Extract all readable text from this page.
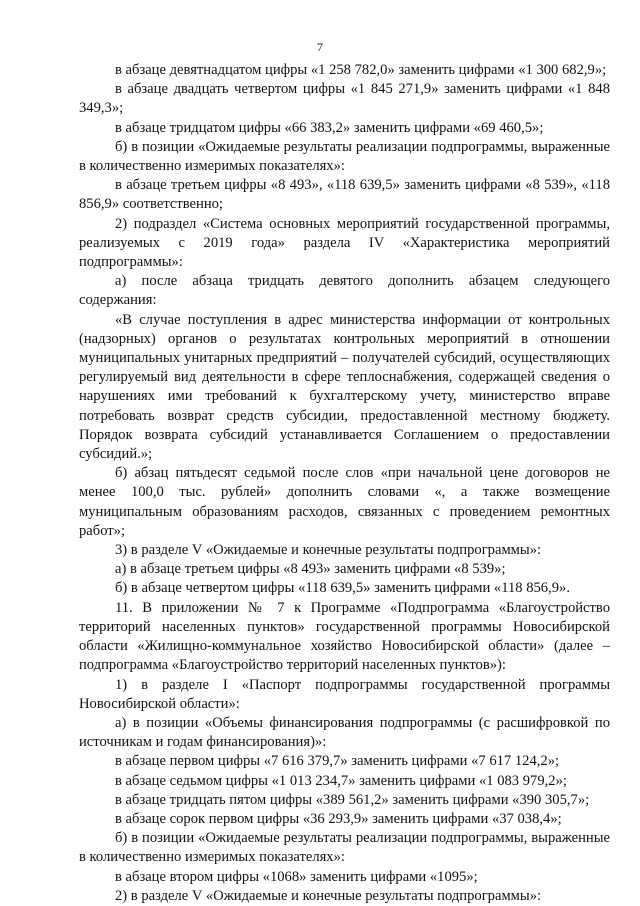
7

в абзаце девятнадцатом цифры «1 258 782,0» заменить цифрами «1 300 682,9»;

в абзаце двадцать четвертом цифры «1 845 271,9» заменить цифрами «1 848 349,3»;

в абзаце тридцатом цифры «66 383,2» заменить цифрами «69 460,5»;

б) в позиции «Ожидаемые результаты реализации подпрограммы, выраженные в количественно измеримых показателях»:

в абзаце третьем цифры «8 493», «118 639,5» заменить цифрами «8 539», «118 856,9» соответственно;

2) подраздел «Система основных мероприятий государственной программы, реализуемых с 2019 года» раздела IV «Характеристика мероприятий подпрограммы»:

а) после абзаца тридцать девятого дополнить абзацем следующего содержания:

«В случае поступления в адрес министерства информации от контрольных (надзорных) органов о результатах контрольных мероприятий в отношении муниципальных унитарных предприятий – получателей субсидий, осуществляющих регулируемый вид деятельности в сфере теплоснабжения, содержащей сведения о нарушениях ими требований к бухгалтерскому учету, министерство вправе потребовать возврат средств субсидии, предоставленной местному бюджету. Порядок возврата субсидий устанавливается Соглашением о предоставлении субсидий.»;

б) абзац пятьдесят седьмой после слов «при начальной цене договоров не менее 100,0 тыс. рублей» дополнить словами «, а также возмещение муниципальным образованиям расходов, связанных с проведением ремонтных работ»;

3) в разделе V «Ожидаемые и конечные результаты подпрограммы»:

а) в абзаце третьем цифры «8 493» заменить цифрами «8 539»;

б) в абзаце четвертом цифры «118 639,5» заменить цифрами «118 856,9».

11. В приложении № 7 к Программе «Подпрограмма «Благоустройство территорий населенных пунктов» государственной программы Новосибирской области «Жилищно-коммунальное хозяйство Новосибирской области» (далее – подпрограмма «Благоустройство территорий населенных пунктов»):

1) в разделе I «Паспорт подпрограммы государственной программы Новосибирской области»:

а) в позиции «Объемы финансирования подпрограммы (с расшифровкой по источникам и годам финансирования)»:

в абзаце первом цифры «7 616 379,7» заменить цифрами «7 617 124,2»;

в абзаце седьмом цифры «1 013 234,7» заменить цифрами «1 083 979,2»;

в абзаце тридцать пятом цифры «389 561,2» заменить цифрами «390 305,7»;

в абзаце сорок первом цифры «36 293,9» заменить цифрами «37 038,4»;

б) в позиции «Ожидаемые результаты реализации подпрограммы, выраженные в количественно измеримых показателях»:

в абзаце втором цифры «1068» заменить цифрами «1095»;

2) в разделе V «Ожидаемые и конечные результаты подпрограммы»:
